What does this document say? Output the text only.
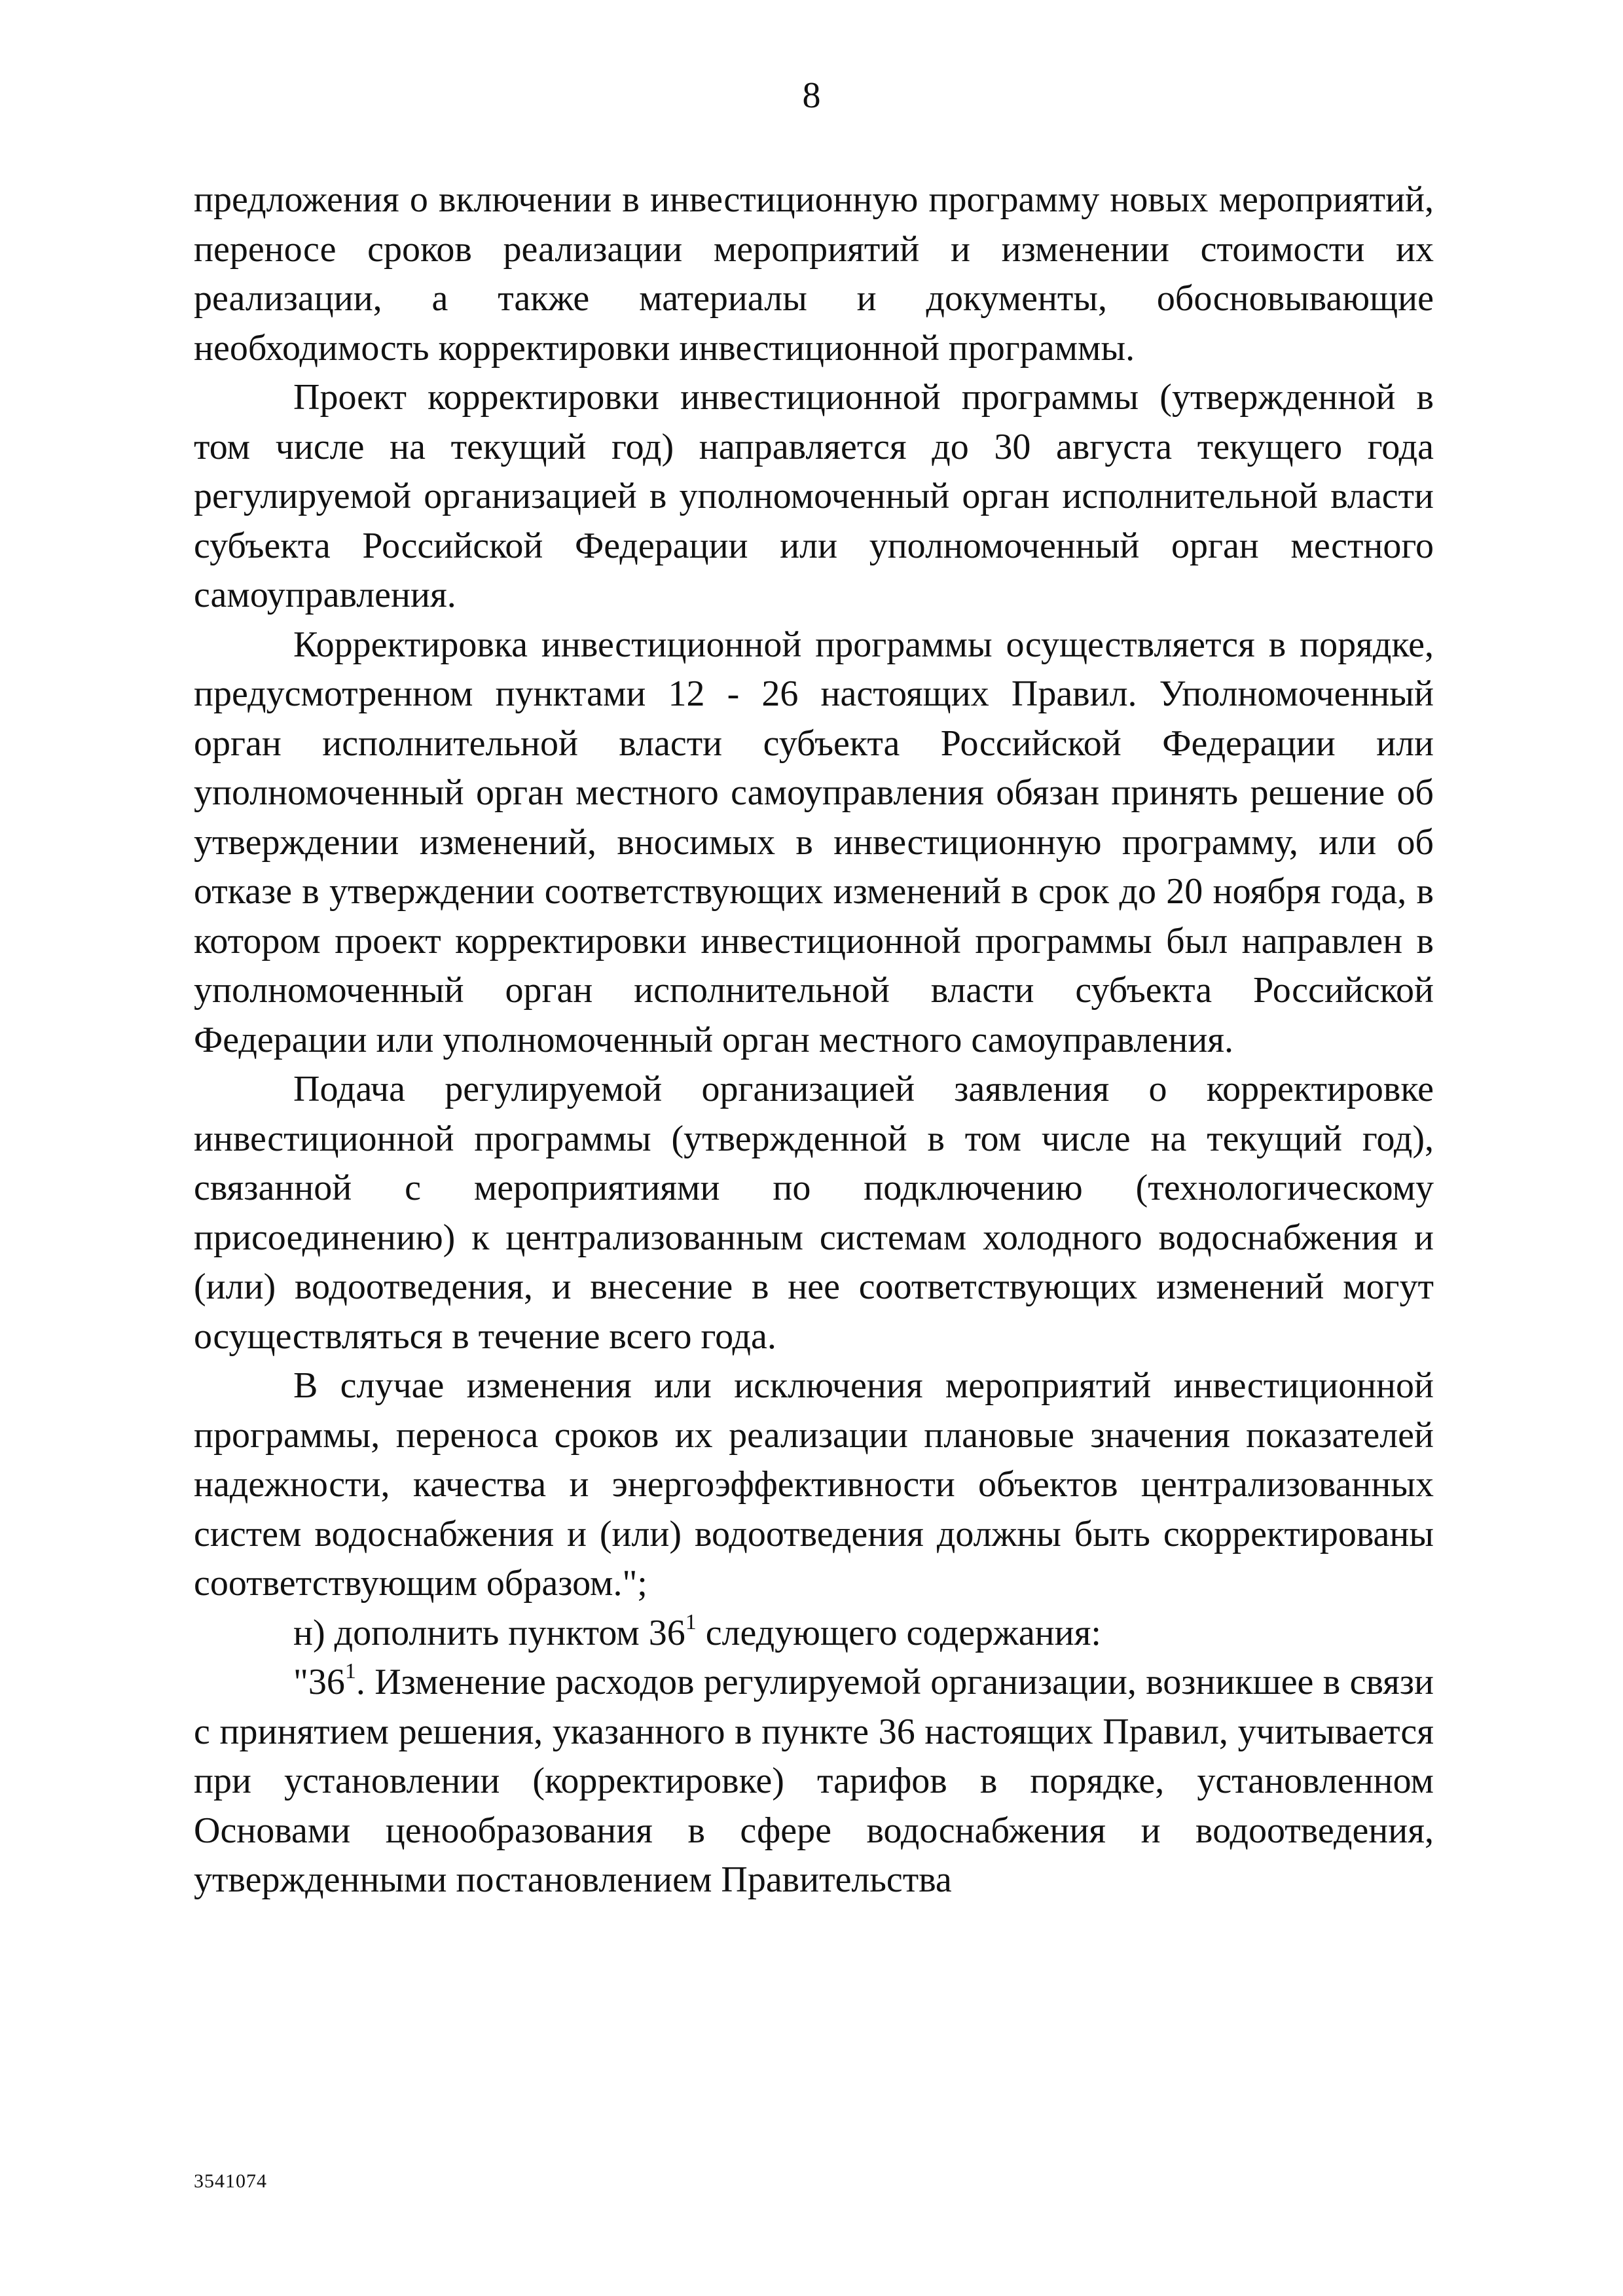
8

предложения о включении в инвестиционную программу новых мероприятий, переносе сроков реализации мероприятий и изменении стоимости их реализации, а также материалы и документы, обосновывающие необходимость корректировки инвестиционной программы.

Проект корректировки инвестиционной программы (утвержденной в том числе на текущий год) направляется до 30 августа текущего года регулируемой организацией в уполномоченный орган исполнительной власти субъекта Российской Федерации или уполномоченный орган местного самоуправления.

Корректировка инвестиционной программы осуществляется в порядке, предусмотренном пунктами 12 - 26 настоящих Правил. Уполномоченный орган исполнительной власти субъекта Российской Федерации или уполномоченный орган местного самоуправления обязан принять решение об утверждении изменений, вносимых в инвестиционную программу, или об отказе в утверждении соответствующих изменений в срок до 20 ноября года, в котором проект корректировки инвестиционной программы был направлен в уполномоченный орган исполнительной власти субъекта Российской Федерации или уполномоченный орган местного самоуправления.

Подача регулируемой организацией заявления о корректировке инвестиционной программы (утвержденной в том числе на текущий год), связанной с мероприятиями по подключению (технологическому присоединению) к централизованным системам холодного водоснабжения и (или) водоотведения, и внесение в нее соответствующих изменений могут осуществляться в течение всего года.

В случае изменения или исключения мероприятий инвестиционной программы, переноса сроков их реализации плановые значения показателей надежности, качества и энергоэффективности объектов централизованных систем водоснабжения и (или) водоотведения должны быть скорректированы соответствующим образом.";

н) дополнить пунктом $36^1$ следующего содержания:

"$36^1$. Изменение расходов регулируемой организации, возникшее в связи с принятием решения, указанного в пункте 36 настоящих Правил, учитывается при установлении (корректировке) тарифов в порядке, установленном Основами ценообразования в сфере водоснабжения и водоотведения, утвержденными постановлением Правительства

3541074
